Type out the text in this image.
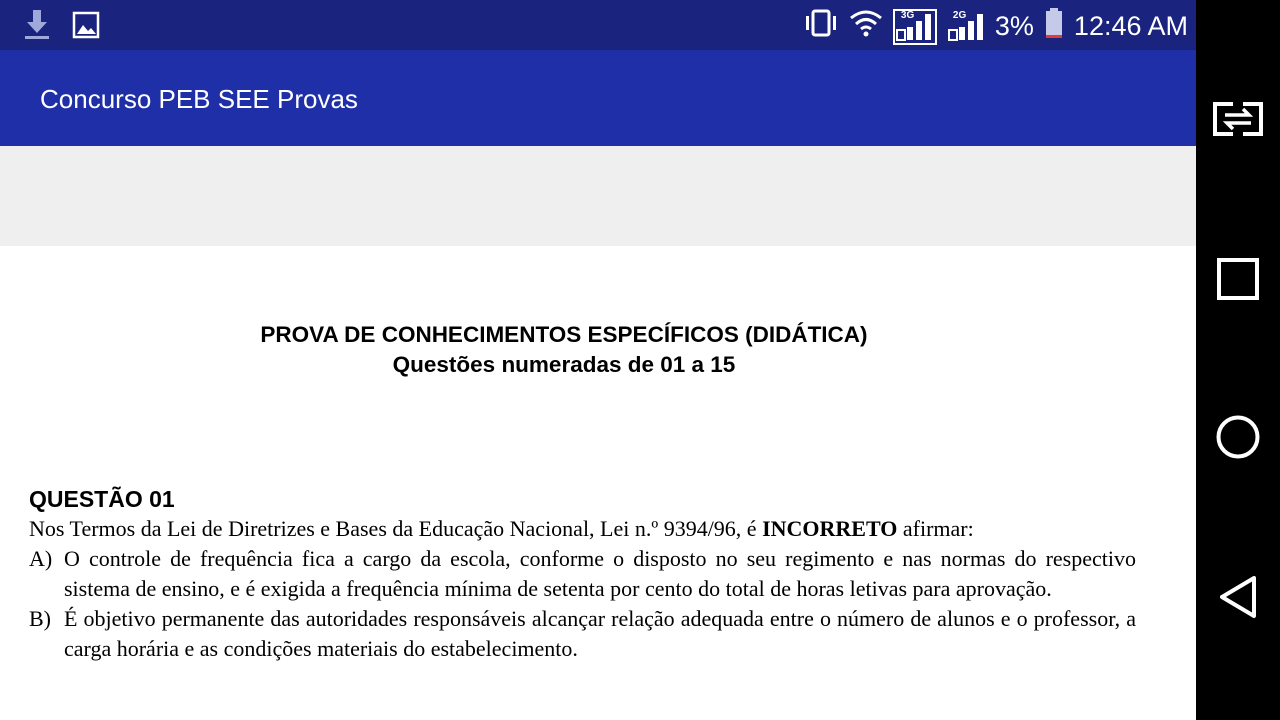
3G	2G 3% 12:46 AM
Concurso PEB SEE Provas
PROVA DE CONHECIMENTOS ESPECÍFICOS (DIDÁTICA)
Questões numeradas de 01 a 15
QUESTÃO 01
Nos Termos da Lei de Diretrizes e Bases da Educação Nacional, Lei n.º 9394/96, é INCORRETO afirmar:
A) O controle de frequência fica a cargo da escola, conforme o disposto no seu regimento e nas normas do respectivo sistema de ensino, e é exigida a frequência mínima de setenta por cento do total de horas letivas para aprovação.
B) É objetivo permanente das autoridades responsáveis alcançar relação adequada entre o número de alunos e o professor, a carga horária e as condições materiais do estabelecimento.
